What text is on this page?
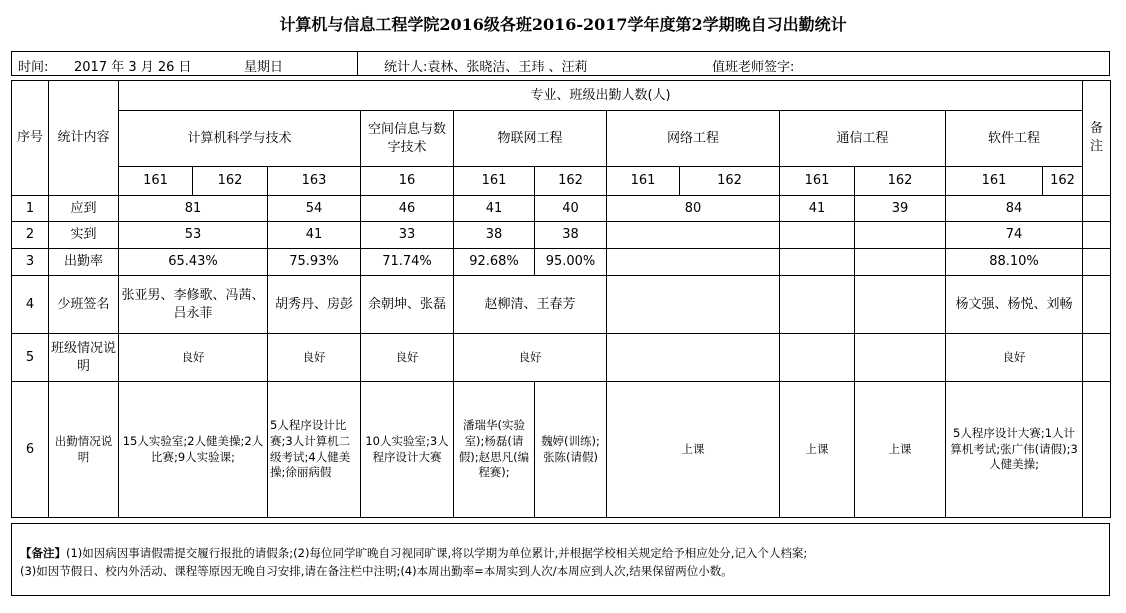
计算机与信息工程学院2016级各班2016-2017学年度第2学期晚自习出勤统计
时间: 2017 年 3 月 26 日	星期日	统计人:袁林、张晓洁、王玮 、汪莉	值班老师签字:
序号	统计内容	专业、班级出勤人数(人)												备注	
		计算机科学与技术			空间信息与数字技术	物联网工程		网络工程		通信工程		软件工程			
		161	162	163	16	161	162	161	162	161	162	161	162		
1	应到	81		54	46	41	40	80		41	39	84			
2	实到	53		41	33	38	38					74			
3	出勤率	65.43%		75.93%	71.74%	92.68%	95.00%					88.10%			
4	少班签名	张亚男、李修歌、冯茜、吕永菲		胡秀丹、房彭	余朝坤、张磊	赵柳清、王春芳						杨文强、杨悦、刘畅			
5	班级情况说明	良好		良好	良好	良好						良好			
6	出勤情况说明	15人实验室;2人健美操;2人比赛;9人实验课;		5人程序设计比赛;3人计算机二级考试;4人健美操;徐丽病假	10人实验室;3人程序设计大赛	潘瑞华(实验室);杨磊(请假);赵思凡(编程赛);	魏婷(训练);张陈(请假)	上课		上课	上课	5人程序设计大赛;1人计算机考试;张广伟(请假);3人健美操;			
【备注】(1)如因病因事请假需提交履行报批的请假条;(2)每位同学旷晚自习视同旷课,将以学期为单位累计,并根据学校相关规定给予相应处分,记入个人档案;
(3)如因节假日、校内外活动、课程等原因无晚自习安排,请在备注栏中注明;(4)本周出勤率=本周实到人次/本周应到人次,结果保留两位小数。
